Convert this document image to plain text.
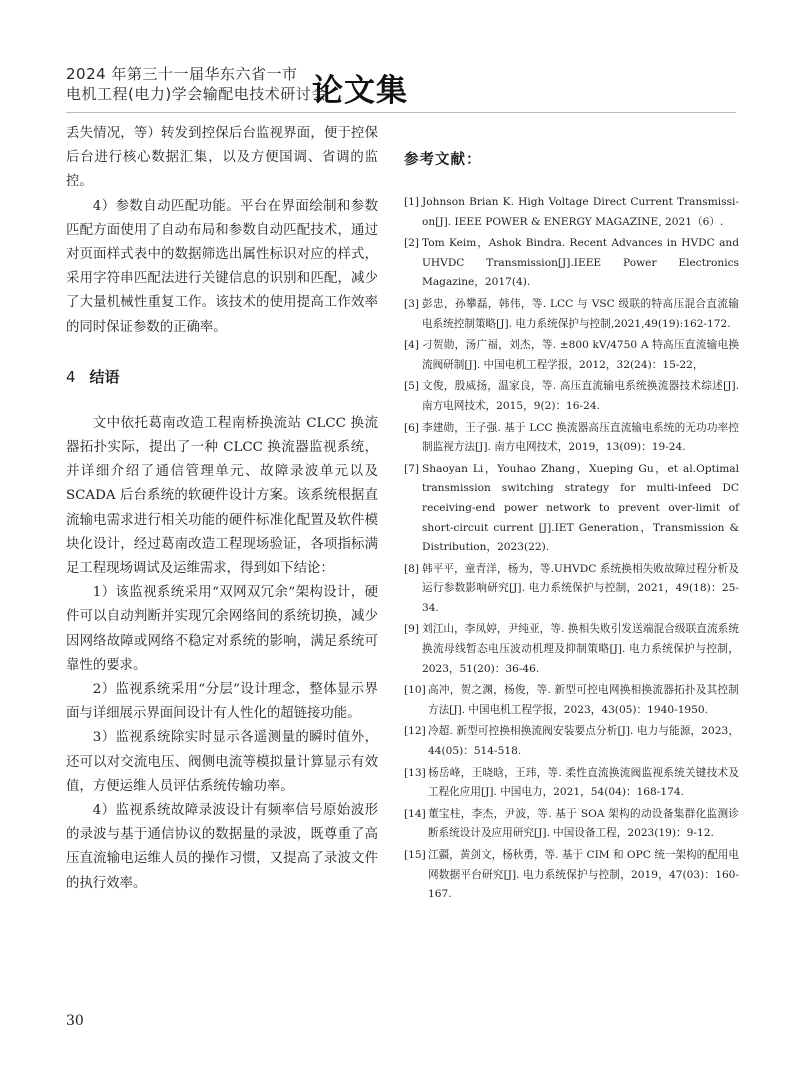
2024 年第三十一届华东六省一市
电机工程(电力)学会输配电技术研讨会
论文集

丢失情况，等）转发到控保后台监视界面，便于控保后台进行核心数据汇集，以及方便国调、省调的监控。

4）参数自动匹配功能。平台在界面绘制和参数匹配方面使用了自动布局和参数自动匹配技术，通过对页面样式表中的数据筛选出属性标识对应的样式，采用字符串匹配法进行关键信息的识别和匹配，减少了大量机械性重复工作。该技术的使用提高工作效率的同时保证参数的正确率。

4 结语

文中依托葛南改造工程南桥换流站 CLCC 换流器拓扑实际，提出了一种 CLCC 换流器监视系统，并详细介绍了通信管理单元、故障录波单元以及 SCADA 后台系统的软硬件设计方案。该系统根据直流输电需求进行相关功能的硬件标准化配置及软件模块化设计，经过葛南改造工程现场验证，各项指标满足工程现场调试及运维需求，得到如下结论：

1）该监视系统采用“双网双冗余”架构设计，硬件可以自动判断并实现冗余网络间的系统切换，减少因网络故障或网络不稳定对系统的影响，满足系统可靠性的要求。

2）监视系统采用“分层”设计理念，整体显示界面与详细展示界面间设计有人性化的超链接功能。

3）监视系统除实时显示各遥测量的瞬时值外，还可以对交流电压、阀侧电流等模拟量计算显示有效值，方便运维人员评估系统传输功率。

4）监视系统故障录波设计有频率信号原始波形的录波与基于通信协议的数据量的录波，既尊重了高压直流输电运维人员的操作习惯，又提高了录波文件的执行效率。

参考文献：
[1] Johnson Brian K. High Voltage Direct Current Transmissi-on[J]. IEEE POWER & ENERGY MAGAZINE, 2021（6）.
[2] Tom Keim，Ashok Bindra. Recent Advances in HVDC and UHVDC Transmission[J].IEEE Power Electronics Magazine，2017(4).
[3] 彭忠，孙攀磊，韩伟，等. LCC 与 VSC 级联的特高压混合直流输电系统控制策略[J]. 电力系统保护与控制,2021,49(19):162-172.
[4] 刁贺勋，汤广福，刘杰，等. ±800 kV/4750 A 特高压直流输电换流阀研制[J]. 中国电机工程学报，2012，32(24)：15-22，
[5] 文俊，殷威扬，温家良，等. 高压直流输电系统换流器技术综述[J]. 南方电网技术，2015，9(2)：16-24.
[6] 李建勋，王子强. 基于 LCC 换流器高压直流输电系统的无功功率控制监视方法[J]. 南方电网技术，2019，13(09)：19-24.
[7] Shaoyan Li，Youhao Zhang，Xueping Gu，et al.Optimal transmission switching strategy for multi-infeed DC receiving-end power network to prevent over-limit of short-circuit current [J].IET Generation，Transmission & Distribution，2023(22).
[8] 韩平平，童青洋，杨为，等.UHVDC 系统换相失败故障过程分析及运行参数影响研究[J]. 电力系统保护与控制，2021，49(18)：25-34.
[9] 刘江山，李凤婷，尹纯亚，等. 换相失败引发送端混合级联直流系统换流母线暂态电压波动机理及抑制策略[J]. 电力系统保护与控制，2023，51(20)：36-46.
[10] 高冲，贺之渊，杨俊，等. 新型可控电网换相换流器拓扑及其控制方法[J]. 中国电机工程学报，2023，43(05)：1940-1950.
[12] 冷超. 新型可控换相换流阀安装要点分析[J]. 电力与能源，2023，44(05)：514-518.
[13] 杨岳峰，王晓晗，王玮，等. 柔性直流换流阀监视系统关键技术及工程化应用[J]. 中国电力，2021，54(04)：168-174.
[14] 董宝柱，李杰，尹波，等. 基于 SOA 架构的动设备集群化监测诊断系统设计及应用研究[J]. 中国设备工程，2023(19)：9-12.
[15] 江疆，黄剑文，杨秋勇，等. 基于 CIM 和 OPC 统一架构的配用电网数据平台研究[J]. 电力系统保护与控制，2019，47(03)：160-167.
30
